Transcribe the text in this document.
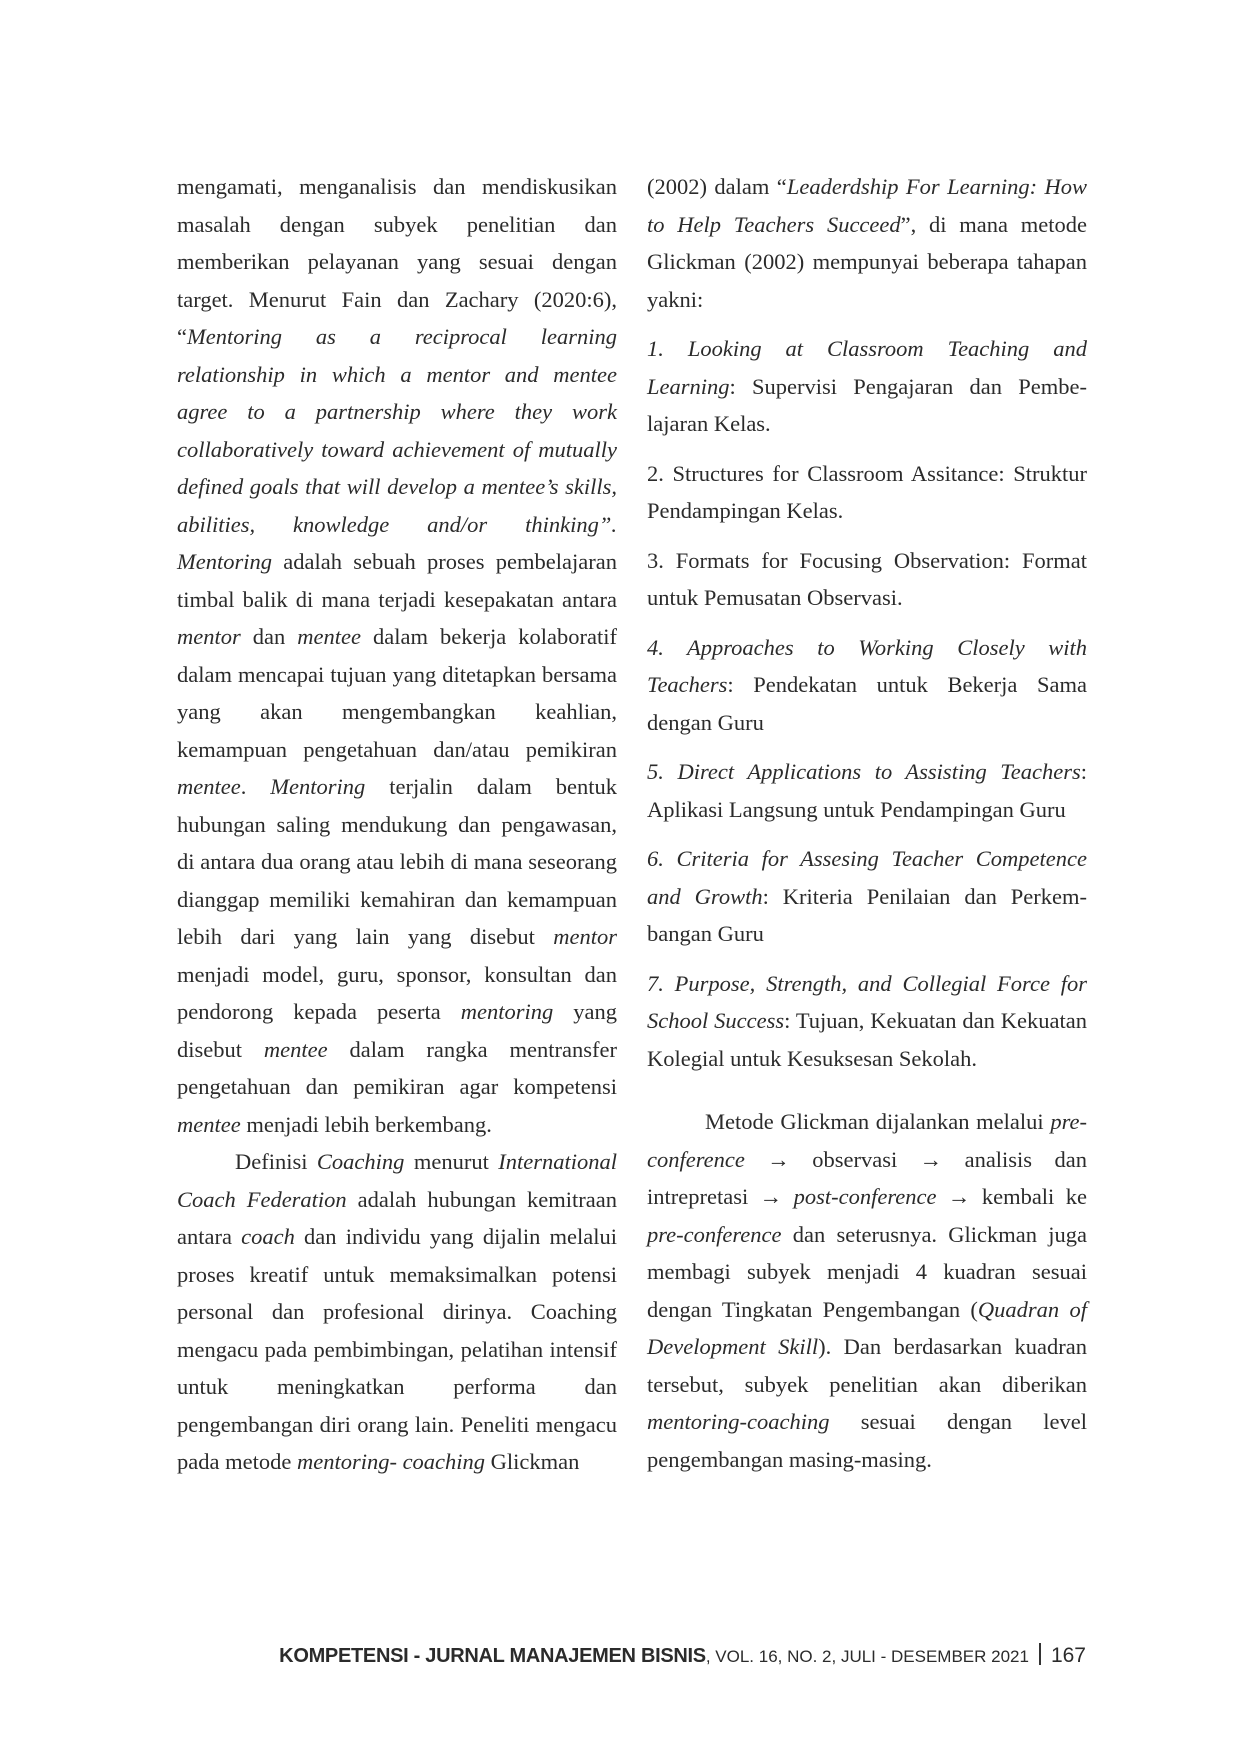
mengamati, menganalisis dan mendiskusikan masalah dengan subyek penelitian dan memberikan pelayanan yang sesuai dengan target. Menurut Fain dan Zachary (2020:6), “Mentoring as a reciprocal learning relationship in which a mentor and mentee agree to a partnership where they work collaboratively toward achievement of mutually defined goals that will develop a mentee’s skills, abilities, knowledge and/or thinking”. Mentoring adalah sebuah proses pembelajaran timbal balik di mana terjadi kesepakatan antara mentor dan mentee dalam bekerja kolaboratif dalam mencapai tujuan yang ditetapkan bersama yang akan mengembangkan keahlian, kemampuan pengetahuan dan/atau pemikiran mentee. Mentoring terjalin dalam bentuk hubungan saling mendukung dan pengawasan, di antara dua orang atau lebih di mana seseorang dianggap memiliki kemahiran dan kemampuan lebih dari yang lain yang disebut mentor menjadi model, guru, sponsor, konsultan dan pendorong kepada peserta mentoring yang disebut mentee dalam rangka mentransfer pengetahuan dan pemikiran agar kompetensi mentee menjadi lebih berkembang.

Definisi Coaching menurut International Coach Federation adalah hubungan kemitraan antara coach dan individu yang dijalin melalui proses kreatif untuk memaksimalkan potensi personal dan profesional dirinya. Coaching mengacu pada pembimbingan, pelatihan intensif untuk meningkatkan performa dan pengembangan diri orang lain. Peneliti mengacu pada metode mentoring- coaching Glickman

(2002) dalam “Leaderdship For Learning: How to Help Teachers Succeed”, di mana metode Glickman (2002) mempunyai beberapa tahapan yakni:

1. Looking at Classroom Teaching and Learning: Supervisi Pengajaran dan Pembelajaran Kelas.

2. Structures for Classroom Assitance: Struktur Pendampingan Kelas.

3. Formats for Focusing Observation: Format untuk Pemusatan Observasi.

4. Approaches to Working Closely with Teachers: Pendekatan untuk Bekerja Sama dengan Guru

5. Direct Applications to Assisting Teachers: Aplikasi Langsung untuk Pendampingan Guru

6. Criteria for Assesing Teacher Competence and Growth: Kriteria Penilaian dan Perkembangan Guru

7. Purpose, Strength, and Collegial Force for School Success: Tujuan, Kekuatan dan Kekuatan Kolegial untuk Kesuksesan Sekolah.

Metode Glickman dijalankan melalui pre-conference → observasi → analisis dan intrepretasi → post-conference → kembali ke pre-conference dan seterusnya. Glickman juga membagi subyek menjadi 4 kuadran sesuai dengan Tingkatan Pengembangan (Quadran of Development Skill). Dan berdasarkan kuadran tersebut, subyek penelitian akan diberikan mentoring-coaching sesuai dengan level pengembangan masing-masing.

KOMPETENSI - JURNAL MANAJEMEN BISNIS, VOL. 16, NO. 2, JULI - DESEMBER 2021 167
